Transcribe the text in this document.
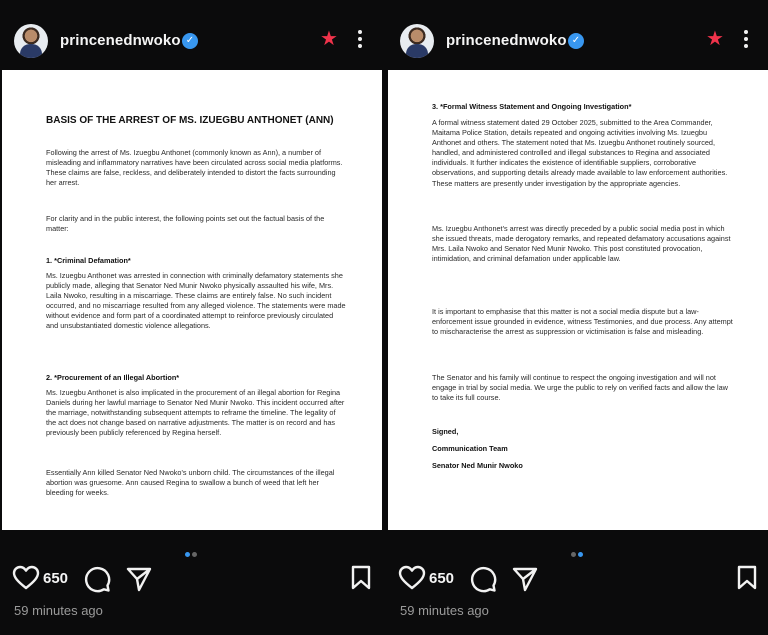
princenednwoko ✓	★

BASIS OF THE ARREST OF MS. IZUEGBU ANTHONET (ANN)

Following the arrest of Ms. Izuegbu Anthonet (commonly known as Ann), a number of misleading and inflammatory narratives have been circulated across social media platforms. These claims are false, reckless, and deliberately intended to distort the facts surrounding her arrest.

For clarity and in the public interest, the following points set out the factual basis of the matter:

1. *Criminal Defamation*

Ms. Izuegbu Anthonet was arrested in connection with criminally defamatory statements she publicly made, alleging that Senator Ned Munir Nwoko physically assaulted his wife, Mrs. Laila Nwoko, resulting in a miscarriage. These claims are entirely false. No such incident occurred, and no miscarriage resulted from any alleged violence. The statements were made without evidence and form part of a coordinated attempt to reinforce previously circulated and unsubstantiated domestic violence allegations.

2. *Procurement of an Illegal Abortion*

Ms. Izuegbu Anthonet is also implicated in the procurement of an illegal abortion for Regina Daniels during her lawful marriage to Senator Ned Munir Nwoko. This incident occurred after the marriage, notwithstanding subsequent attempts to reframe the timeline. The legality of the act does not change based on narrative adjustments. The matter is on record and has previously been publicly referenced by Regina herself.

Essentially Ann killed Senator Ned Nwoko's unborn child. The circumstances of the illegal abortion was gruesome. Ann caused Regina to swallow a bunch of weed that left her bleeding for weeks.

650
59 minutes ago
princenednwoko ✓	★

3. *Formal Witness Statement and Ongoing Investigation*

A formal witness statement dated 29 October 2025, submitted to the Area Commander, Maitama Police Station, details repeated and ongoing activities involving Ms. Izuegbu Anthonet and others. The statement noted that Ms. Izuegbu Anthonet routinely sourced, handled, and administered controlled and illegal substances to Regina and associated individuals. It further indicates the existence of identifiable suppliers, corroborative observations, and supporting details already made available to law enforcement authorities. These matters are presently under investigation by the appropriate agencies.

Ms. Izuegbu Anthonet's arrest was directly preceded by a public social media post in which she issued threats, made derogatory remarks, and repeated defamatory accusations against Mrs. Laila Nwoko and Senator Ned Munir Nwoko. This post constituted provocation, intimidation, and criminal defamation under applicable law.

It is important to emphasise that this matter is not a social media dispute but a law-enforcement issue grounded in evidence, witness Testimonies, and due process. Any attempt to mischaracterise the arrest as suppression or victimisation is false and misleading.

The Senator and his family will continue to respect the ongoing investigation and will not engage in trial by social media. We urge the public to rely on verified facts and allow the law to take its full course.

Signed,

Communication Team

Senator Ned Munir Nwoko

650
59 minutes ago
